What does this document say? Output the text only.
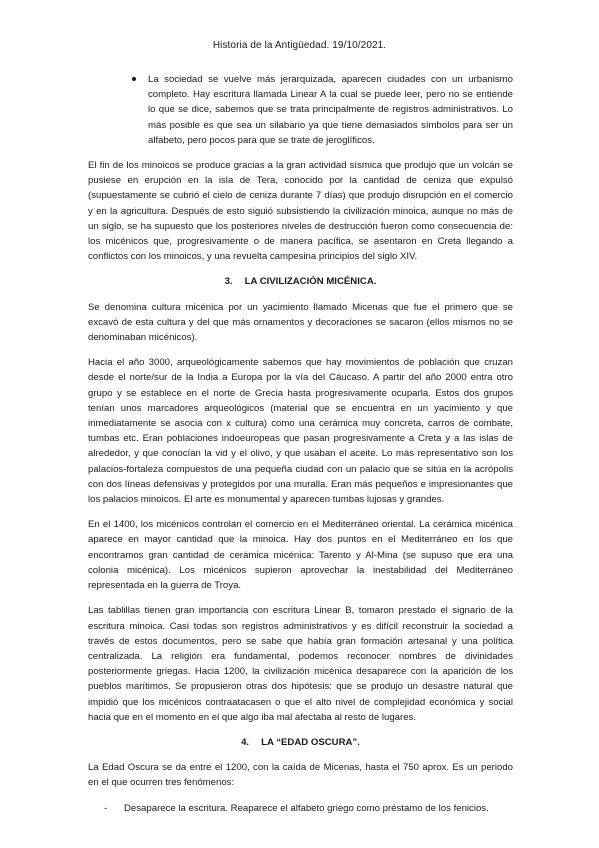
Historia de la Antigüedad. 19/10/2021.

La sociedad se vuelve más jerarquizada, aparecen ciudades con un urbanismo completo. Hay escritura llamada Linear A la cual se puede leer, pero no se entiende lo que se dice, sabemos que se trata principalmente de registros administrativos. Lo más posible es que sea un silabario ya que tiene demasiados símbolos para ser un alfabeto, pero pocos para que se trate de jeroglíficos.

El fin de los minoicos se produce gracias a la gran actividad sísmica que produjo que un volcán se pusiese en erupción en la isla de Tera, conocido por la cantidad de ceniza que expulsó (supuestamente se cubrió el cielo de ceniza durante 7 días) que produjo disrupción en el comercio y en la agricultura. Después de esto siguió subsistiendo la civilización minoica, aunque no más de un siglo, se ha supuesto que los posteriores niveles de destrucción fueron como consecuencia de: los micénicos que, progresivamente o de manera pacífica, se asentaron en Creta llegando a conflictos con los minoicos, y una revuelta campesina principios del siglo XIV.

3. LA CIVILIZACIÓN MICÉNICA.

Se denomina cultura micénica por un yacimiento llamado Micenas que fue el primero que se excavó de esta cultura y del que más ornamentos y decoraciones se sacaron (ellos mismos no se denominaban micénicos).

Hacia el año 3000, arqueológicamente sabemos que hay movimientos de población que cruzan desde el norte/sur de la India a Europa por la vía del Cáucaso. A partir del año 2000 entra otro grupo y se establece en el norte de Grecia hasta progresivamente ocuparla. Estos dos grupos tenían unos marcadores arqueológicos (material que se encuentra en un yacimiento y que inmediatamente se asocia con x cultura) como una cerámica muy concreta, carros de combate, tumbas etc. Eran poblaciones indoeuropeas que pasan progresivamente a Creta y a las islas de alrededor, y que conocían la vid y el olivo, y que usaban el aceite. Lo más representativo son los palacios-fortaleza compuestos de una pequeña ciudad con un palacio que se sitúa en la acrópolis con dos líneas defensivas y protegidos por una muralla. Eran más pequeños e impresionantes que los palacios minoicos. El arte es monumental y aparecen tumbas lujosas y grandes.

En el 1400, los micénicos controlan el comercio en el Mediterráneo oriental. La cerámica micénica aparece en mayor cantidad que la minoica. Hay dos puntos en el Mediterráneo en los que encontramos gran cantidad de cerámica micénica: Tarento y Al-Mina (se supuso que era una colonia micénica). Los micénicos supieron aprovechar la inestabilidad del Mediterráneo representada en la guerra de Troya.

Las tablillas tienen gran importancia con escritura Linear B, tomaron prestado el signario de la escritura minoica. Casi todas son registros administrativos y es difícil reconstruir la sociedad a través de estos documentos, pero se sabe que había gran formación artesanal y una política centralizada. La religión era fundamental, podemos reconocer nombres de divinidades posteriormente griegas. Hacia 1200, la civilización micénica desaparece con la aparición de los pueblos marítimos. Se propusieron otras dos hipótesis: que se produjo un desastre natural que impidió que los micénicos contraatacasen o que el alto nivel de complejidad económica y social hacia que en el momento en el que algo iba mal afectaba al resto de lugares.

4. LA “EDAD OSCURA”.

La Edad Oscura se da entre el 1200, con la caída de Micenas, hasta el 750 aprox. Es un periodo en el que ocurren tres fenómenos:

- Desaparece la escritura. Reaparece el alfabeto griego como préstamo de los fenicios.
